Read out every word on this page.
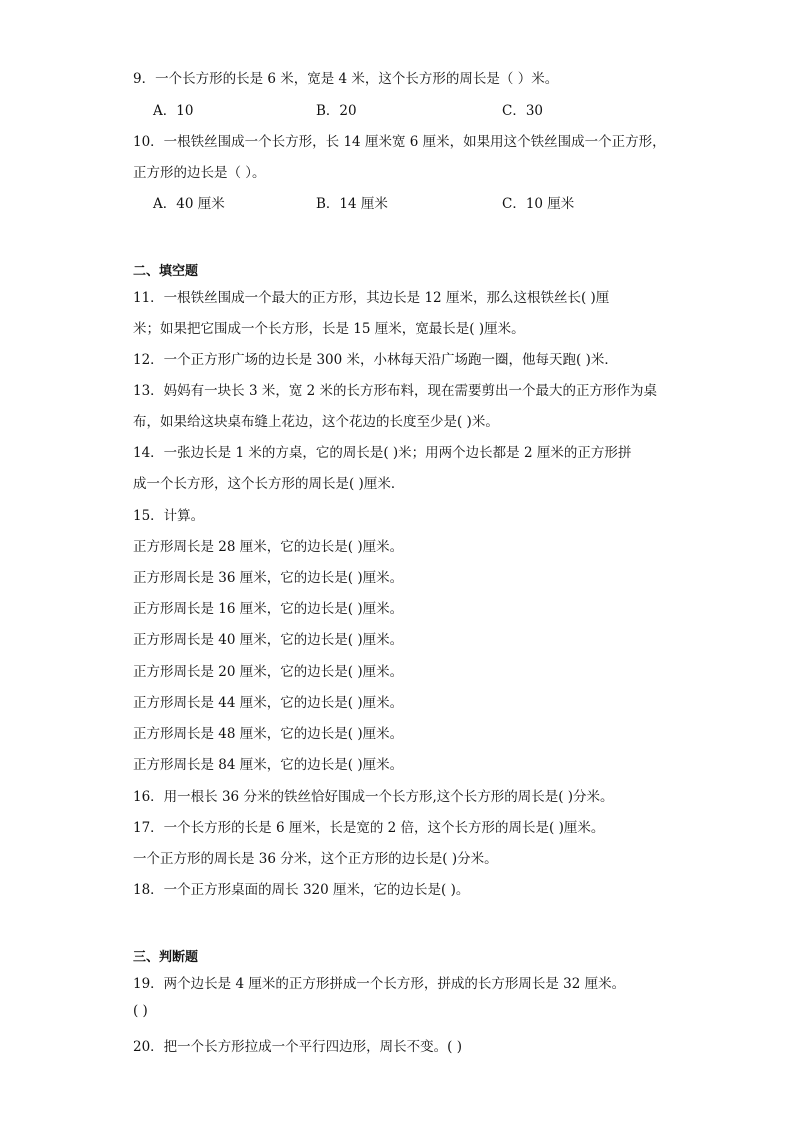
9．一个长方形的长是 6 米，宽是 4 米，这个长方形的周长是（ ）米。
A．10	B．20	C．30
10．一根铁丝围成一个长方形，长 14 厘米宽 6 厘米，如果用这个铁丝围成一个正方形，
正方形的边长是（ ）。
A．40 厘米	B．14 厘米	C．10 厘米
二、填空题
11．一根铁丝围成一个最大的正方形，其边长是 12 厘米，那么这根铁丝长( )厘
米；如果把它围成一个长方形，长是 15 厘米，宽最长是( )厘米。
12．一个正方形广场的边长是 300 米，小林每天沿广场跑一圈，他每天跑( )米．
13．妈妈有一块长 3 米，宽 2 米的长方形布料，现在需要剪出一个最大的正方形作为桌
布，如果给这块桌布缝上花边，这个花边的长度至少是( )米。
14．一张边长是 1 米的方桌，它的周长是( )米；用两个边长都是 2 厘米的正方形拼
成一个长方形，这个长方形的周长是( )厘米．
15．计算。
正方形周长是 28 厘米，它的边长是( )厘米。
正方形周长是 36 厘米，它的边长是( )厘米。
正方形周长是 16 厘米，它的边长是( )厘米。
正方形周长是 40 厘米，它的边长是( )厘米。
正方形周长是 20 厘米，它的边长是( )厘米。
正方形周长是 44 厘米，它的边长是( )厘米。
正方形周长是 48 厘米，它的边长是( )厘米。
正方形周长是 84 厘米，它的边长是( )厘米。
16．用一根长 36 分米的铁丝恰好围成一个长方形,这个长方形的周长是( )分米。
17．一个长方形的长是 6 厘米，长是宽的 2 倍，这个长方形的周长是( )厘米。
一个正方形的周长是 36 分米，这个正方形的边长是( )分米。
18．一个正方形桌面的周长 320 厘米，它的边长是( )。
三、判断题
19．两个边长是 4 厘米的正方形拼成一个长方形，拼成的长方形周长是 32 厘米。
( )
20．把一个长方形拉成一个平行四边形，周长不变。( )
